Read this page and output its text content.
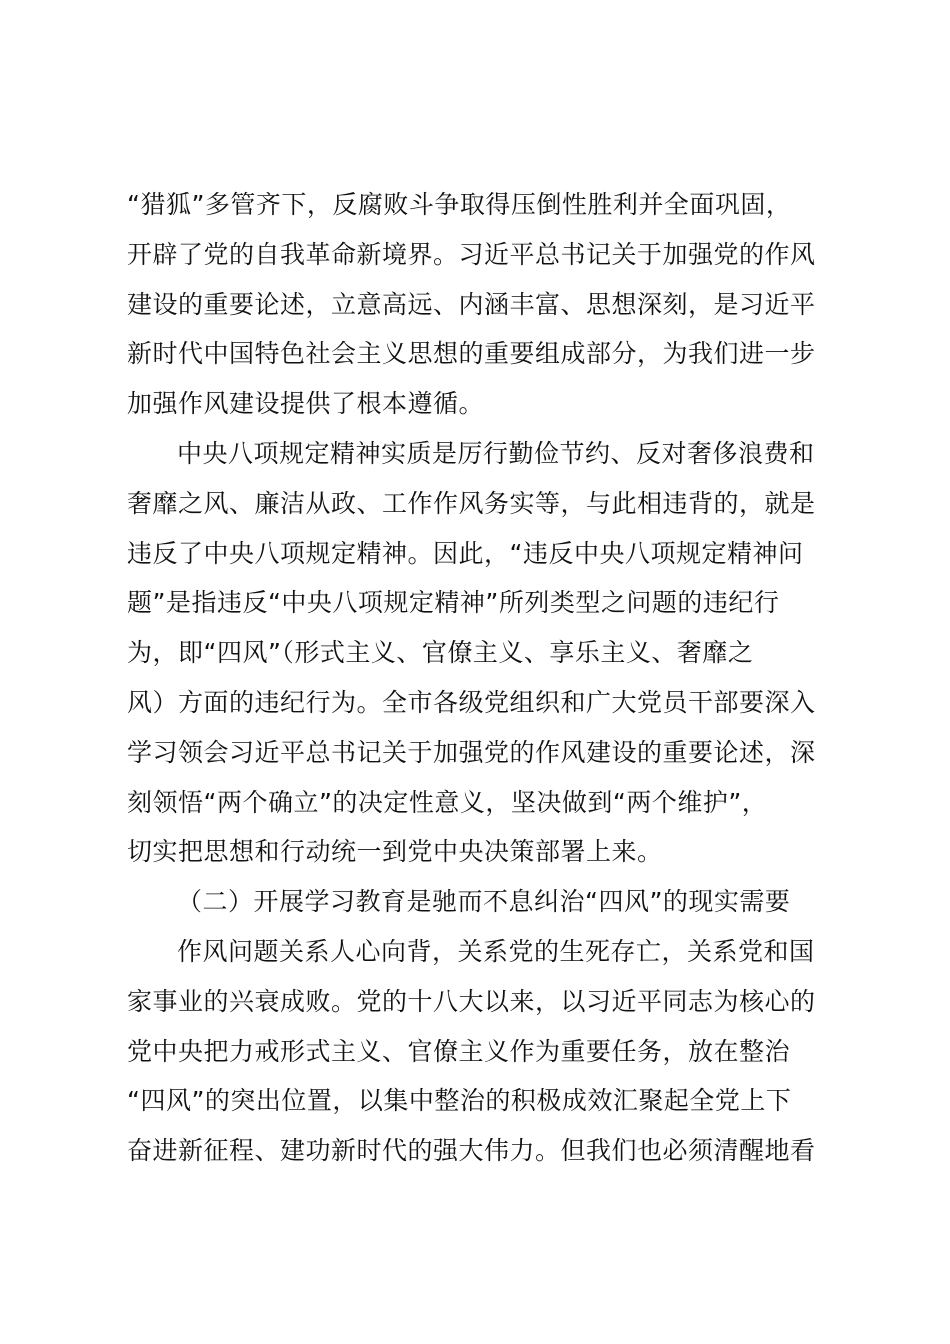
“猎狐”多管齐下，反腐败斗争取得压倒性胜利并全面巩固，
开辟了党的自我革命新境界。习近平总书记关于加强党的作风
建设的重要论述，立意高远、内涵丰富、思想深刻，是习近平
新时代中国特色社会主义思想的重要组成部分，为我们进一步
加强作风建设提供了根本遵循。
中央八项规定精神实质是厉行勤俭节约、反对奢侈浪费和
奢靡之风、廉洁从政、工作作风务实等，与此相违背的，就是
违反了中央八项规定精神。因此，“违反中央八项规定精神问
题”是指违反“中央八项规定精神”所列类型之问题的违纪行
为，即“四风”（形式主义、官僚主义、享乐主义、奢靡之
风）方面的违纪行为。全市各级党组织和广大党员干部要深入
学习领会习近平总书记关于加强党的作风建设的重要论述，深
刻领悟“两个确立”的决定性意义，坚决做到“两个维护”，
切实把思想和行动统一到党中央决策部署上来。
（二）开展学习教育是驰而不息纠治“四风”的现实需要
作风问题关系人心向背，关系党的生死存亡，关系党和国
家事业的兴衰成败。党的十八大以来，以习近平同志为核心的
党中央把力戒形式主义、官僚主义作为重要任务，放在整治
“四风”的突出位置，以集中整治的积极成效汇聚起全党上下
奋进新征程、建功新时代的强大伟力。但我们也必须清醒地看
